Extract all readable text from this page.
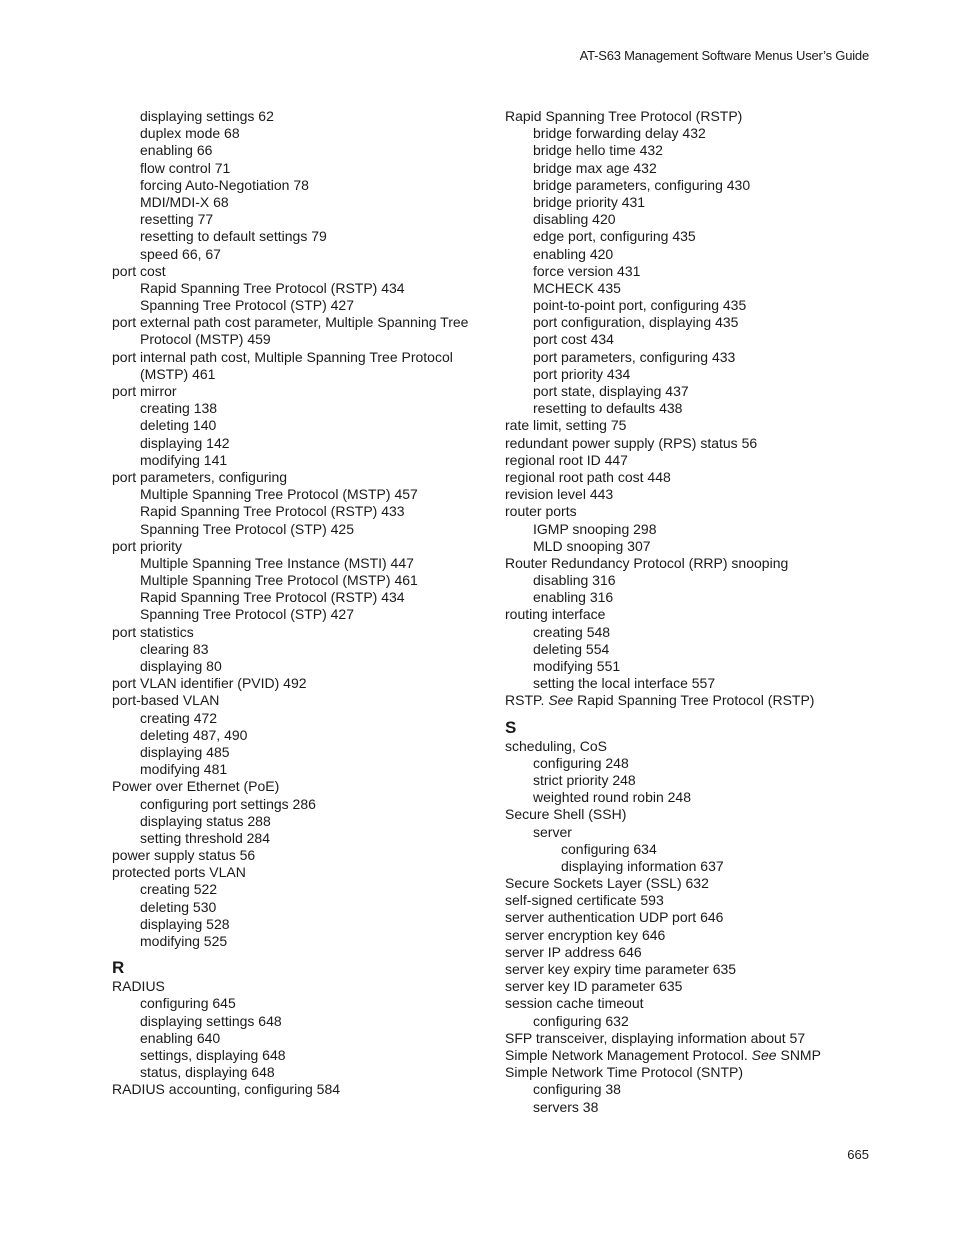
AT-S63 Management Software Menus User’s Guide
displaying settings 62
duplex mode 68
enabling 66
flow control 71
forcing Auto-Negotiation 78
MDI/MDI-X 68
resetting 77
resetting to default settings 79
speed 66, 67
port cost
Rapid Spanning Tree Protocol (RSTP) 434
Spanning Tree Protocol (STP) 427
port external path cost parameter, Multiple Spanning Tree
Protocol (MSTP) 459
port internal path cost, Multiple Spanning Tree Protocol
(MSTP) 461
port mirror
creating 138
deleting 140
displaying 142
modifying 141
port parameters, configuring
Multiple Spanning Tree Protocol (MSTP) 457
Rapid Spanning Tree Protocol (RSTP) 433
Spanning Tree Protocol (STP) 425
port priority
Multiple Spanning Tree Instance (MSTI) 447
Multiple Spanning Tree Protocol (MSTP) 461
Rapid Spanning Tree Protocol (RSTP) 434
Spanning Tree Protocol (STP) 427
port statistics
clearing 83
displaying 80
port VLAN identifier (PVID) 492
port-based VLAN
creating 472
deleting 487, 490
displaying 485
modifying 481
Power over Ethernet (PoE)
configuring port settings 286
displaying status 288
setting threshold 284
power supply status 56
protected ports VLAN
creating 522
deleting 530
displaying 528
modifying 525
R
RADIUS
configuring 645
displaying settings 648
enabling 640
settings, displaying 648
status, displaying 648
RADIUS accounting, configuring 584
Rapid Spanning Tree Protocol (RSTP)
bridge forwarding delay 432
bridge hello time 432
bridge max age 432
bridge parameters, configuring 430
bridge priority 431
disabling 420
edge port, configuring 435
enabling 420
force version 431
MCHECK 435
point-to-point port, configuring 435
port configuration, displaying 435
port cost 434
port parameters, configuring 433
port priority 434
port state, displaying 437
resetting to defaults 438
rate limit, setting 75
redundant power supply (RPS) status 56
regional root ID 447
regional root path cost 448
revision level 443
router ports
IGMP snooping 298
MLD snooping 307
Router Redundancy Protocol (RRP) snooping
disabling 316
enabling 316
routing interface
creating 548
deleting 554
modifying 551
setting the local interface 557
RSTP. See Rapid Spanning Tree Protocol (RSTP)
S
scheduling, CoS
configuring 248
strict priority 248
weighted round robin 248
Secure Shell (SSH)
server
configuring 634
displaying information 637
Secure Sockets Layer (SSL) 632
self-signed certificate 593
server authentication UDP port 646
server encryption key 646
server IP address 646
server key expiry time parameter 635
server key ID parameter 635
session cache timeout
configuring 632
SFP transceiver, displaying information about 57
Simple Network Management Protocol. See SNMP
Simple Network Time Protocol (SNTP)
configuring 38
servers 38
665
